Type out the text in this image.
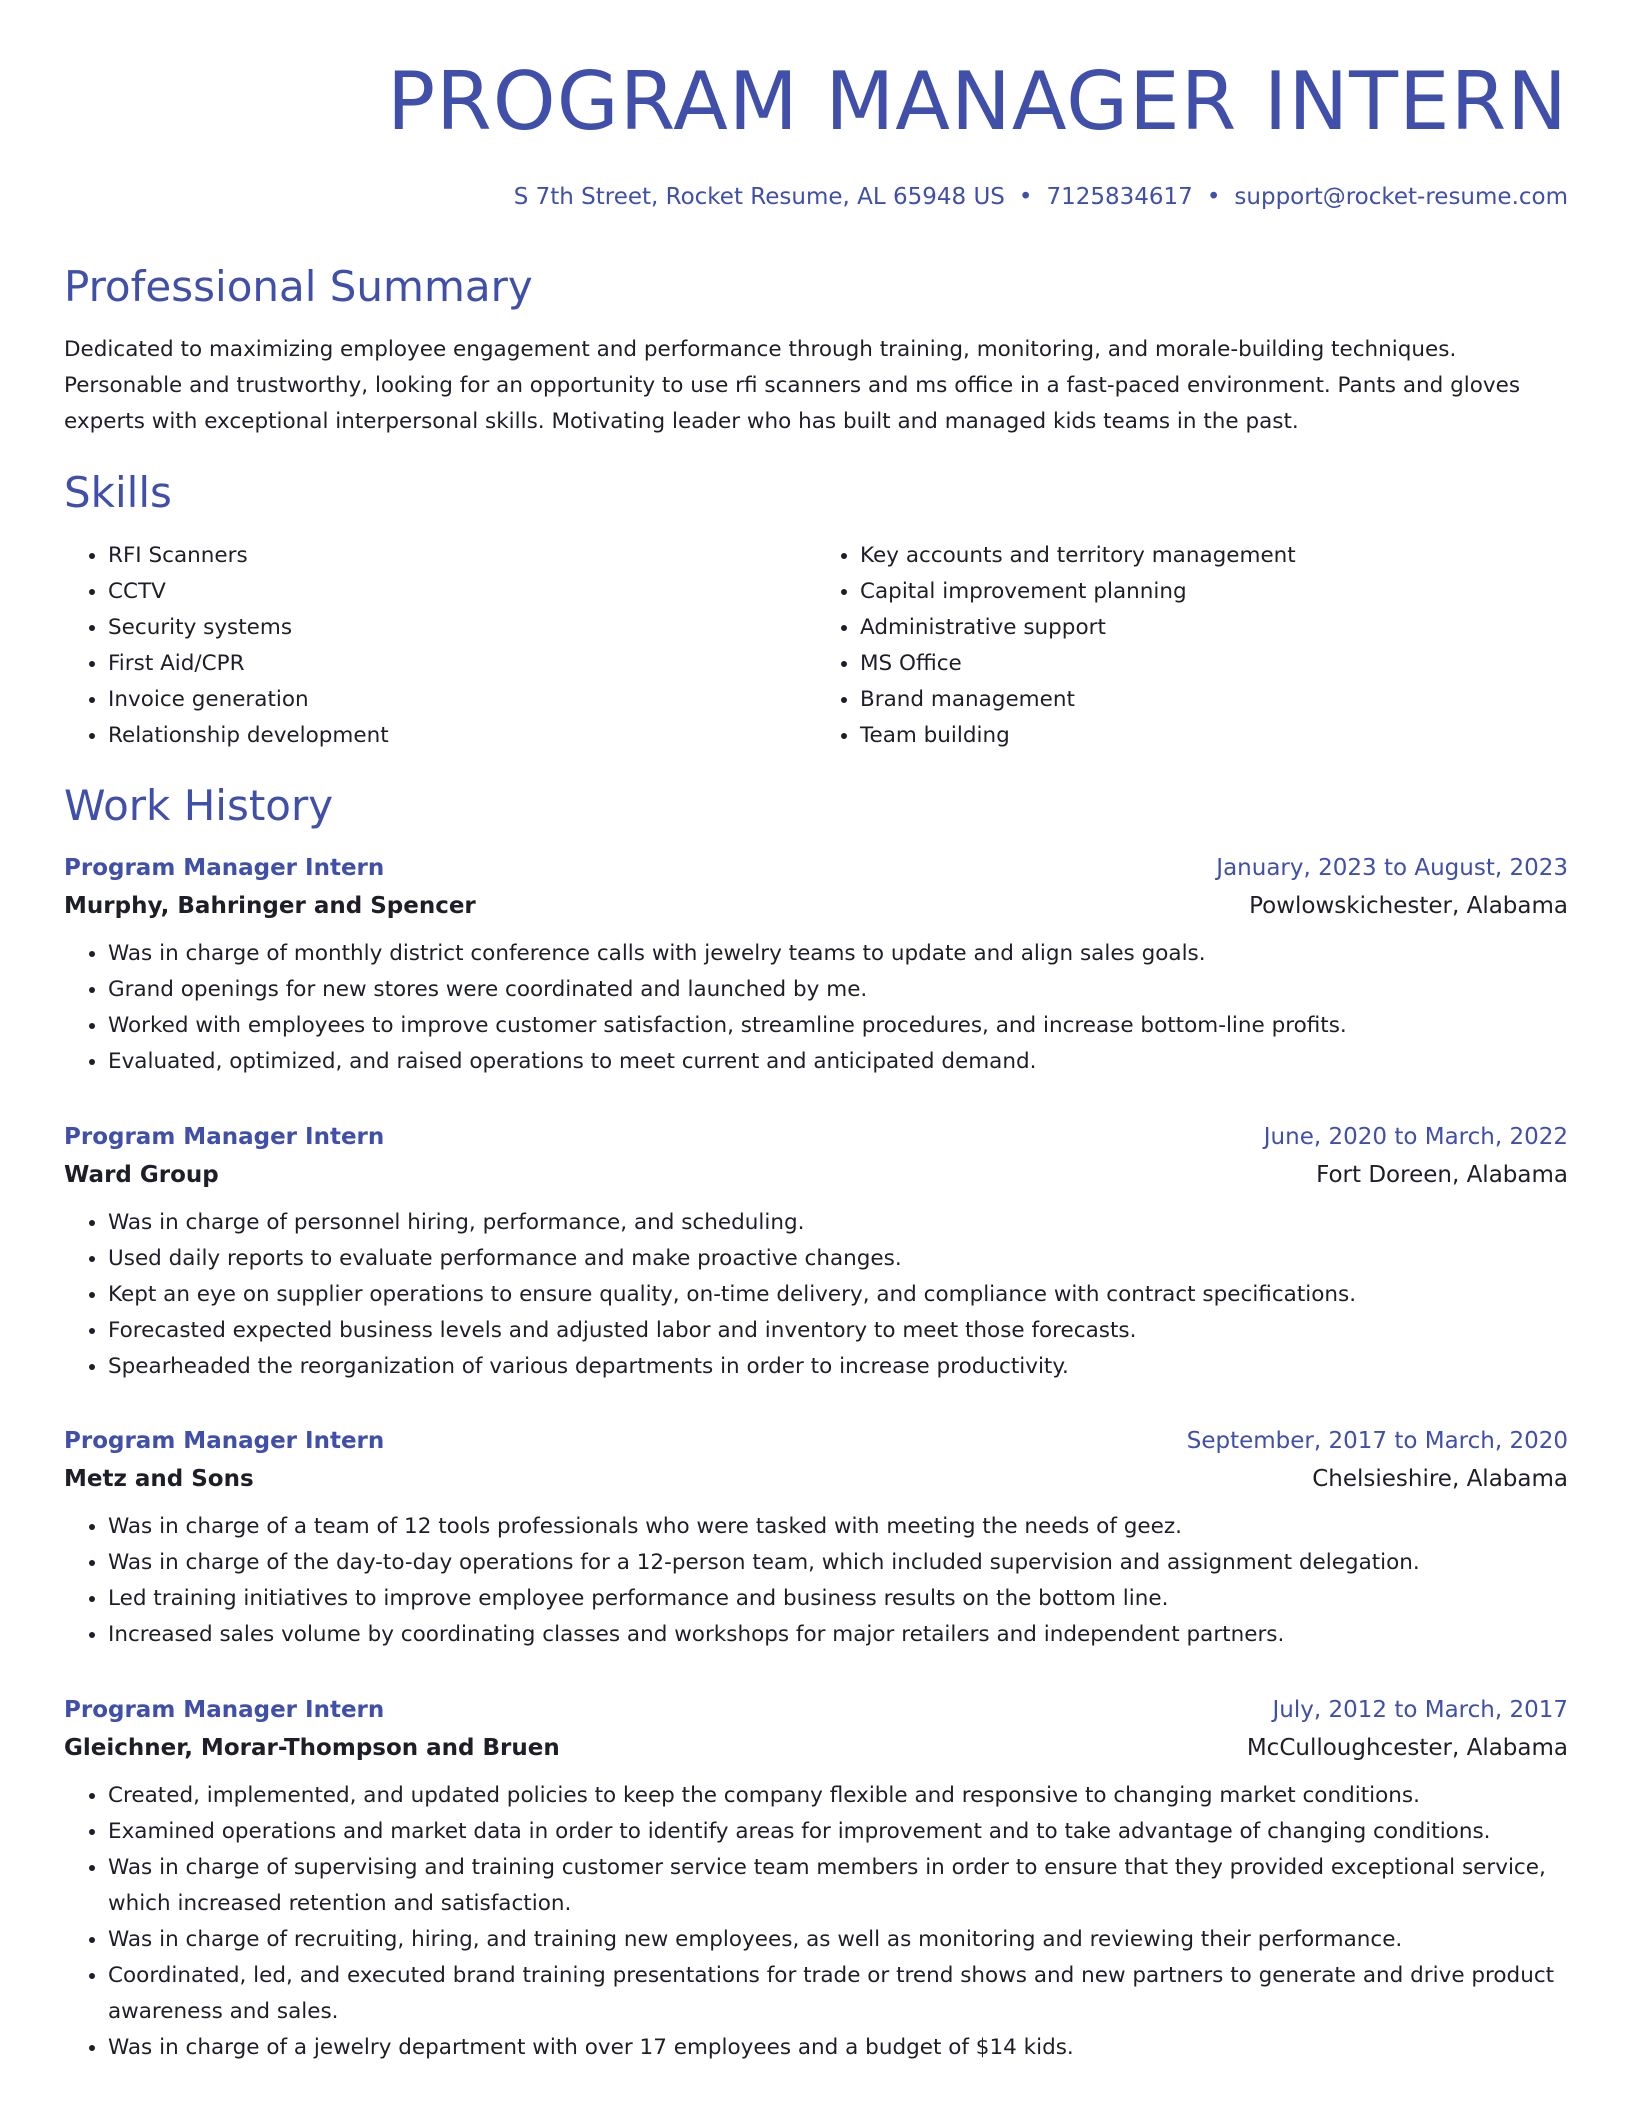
PROGRAM MANAGER INTERN
S 7th Street, Rocket Resume, AL 65948 US • 7125834617 • support@rocket-resume.com
Professional Summary

Dedicated to maximizing employee engagement and performance through training, monitoring, and morale-building techniques. Personable and trustworthy, looking for an opportunity to use rfi scanners and ms office in a fast-paced environment. Pants and gloves experts with exceptional interpersonal skills. Motivating leader who has built and managed kids teams in the past.

Skills
• RFI Scanners
• CCTV
• Security systems
• First Aid/CPR
• Invoice generation
• Relationship development
• Key accounts and territory management
• Capital improvement planning
• Administrative support
• MS Office
• Brand management
• Team building
Work History
Program Manager Intern	January, 2023 to August, 2023
Murphy, Bahringer and Spencer	Powlowskichester, Alabama
• Was in charge of monthly district conference calls with jewelry teams to update and align sales goals.
• Grand openings for new stores were coordinated and launched by me.
• Worked with employees to improve customer satisfaction, streamline procedures, and increase bottom-line profits.
• Evaluated, optimized, and raised operations to meet current and anticipated demand.
Program Manager Intern	June, 2020 to March, 2022
Ward Group	Fort Doreen, Alabama
• Was in charge of personnel hiring, performance, and scheduling.
• Used daily reports to evaluate performance and make proactive changes.
• Kept an eye on supplier operations to ensure quality, on-time delivery, and compliance with contract specifications.
• Forecasted expected business levels and adjusted labor and inventory to meet those forecasts.
• Spearheaded the reorganization of various departments in order to increase productivity.
Program Manager Intern	September, 2017 to March, 2020
Metz and Sons	Chelsieshire, Alabama
• Was in charge of a team of 12 tools professionals who were tasked with meeting the needs of geez.
• Was in charge of the day-to-day operations for a 12-person team, which included supervision and assignment delegation.
• Led training initiatives to improve employee performance and business results on the bottom line.
• Increased sales volume by coordinating classes and workshops for major retailers and independent partners.
Program Manager Intern	July, 2012 to March, 2017
Gleichner, Morar-Thompson and Bruen	McCulloughcester, Alabama
• Created, implemented, and updated policies to keep the company flexible and responsive to changing market conditions.
• Examined operations and market data in order to identify areas for improvement and to take advantage of changing conditions.
• Was in charge of supervising and training customer service team members in order to ensure that they provided exceptional service, which increased retention and satisfaction.
• Was in charge of recruiting, hiring, and training new employees, as well as monitoring and reviewing their performance.
• Coordinated, led, and executed brand training presentations for trade or trend shows and new partners to generate and drive product awareness and sales.
• Was in charge of a jewelry department with over 17 employees and a budget of $14 kids.
